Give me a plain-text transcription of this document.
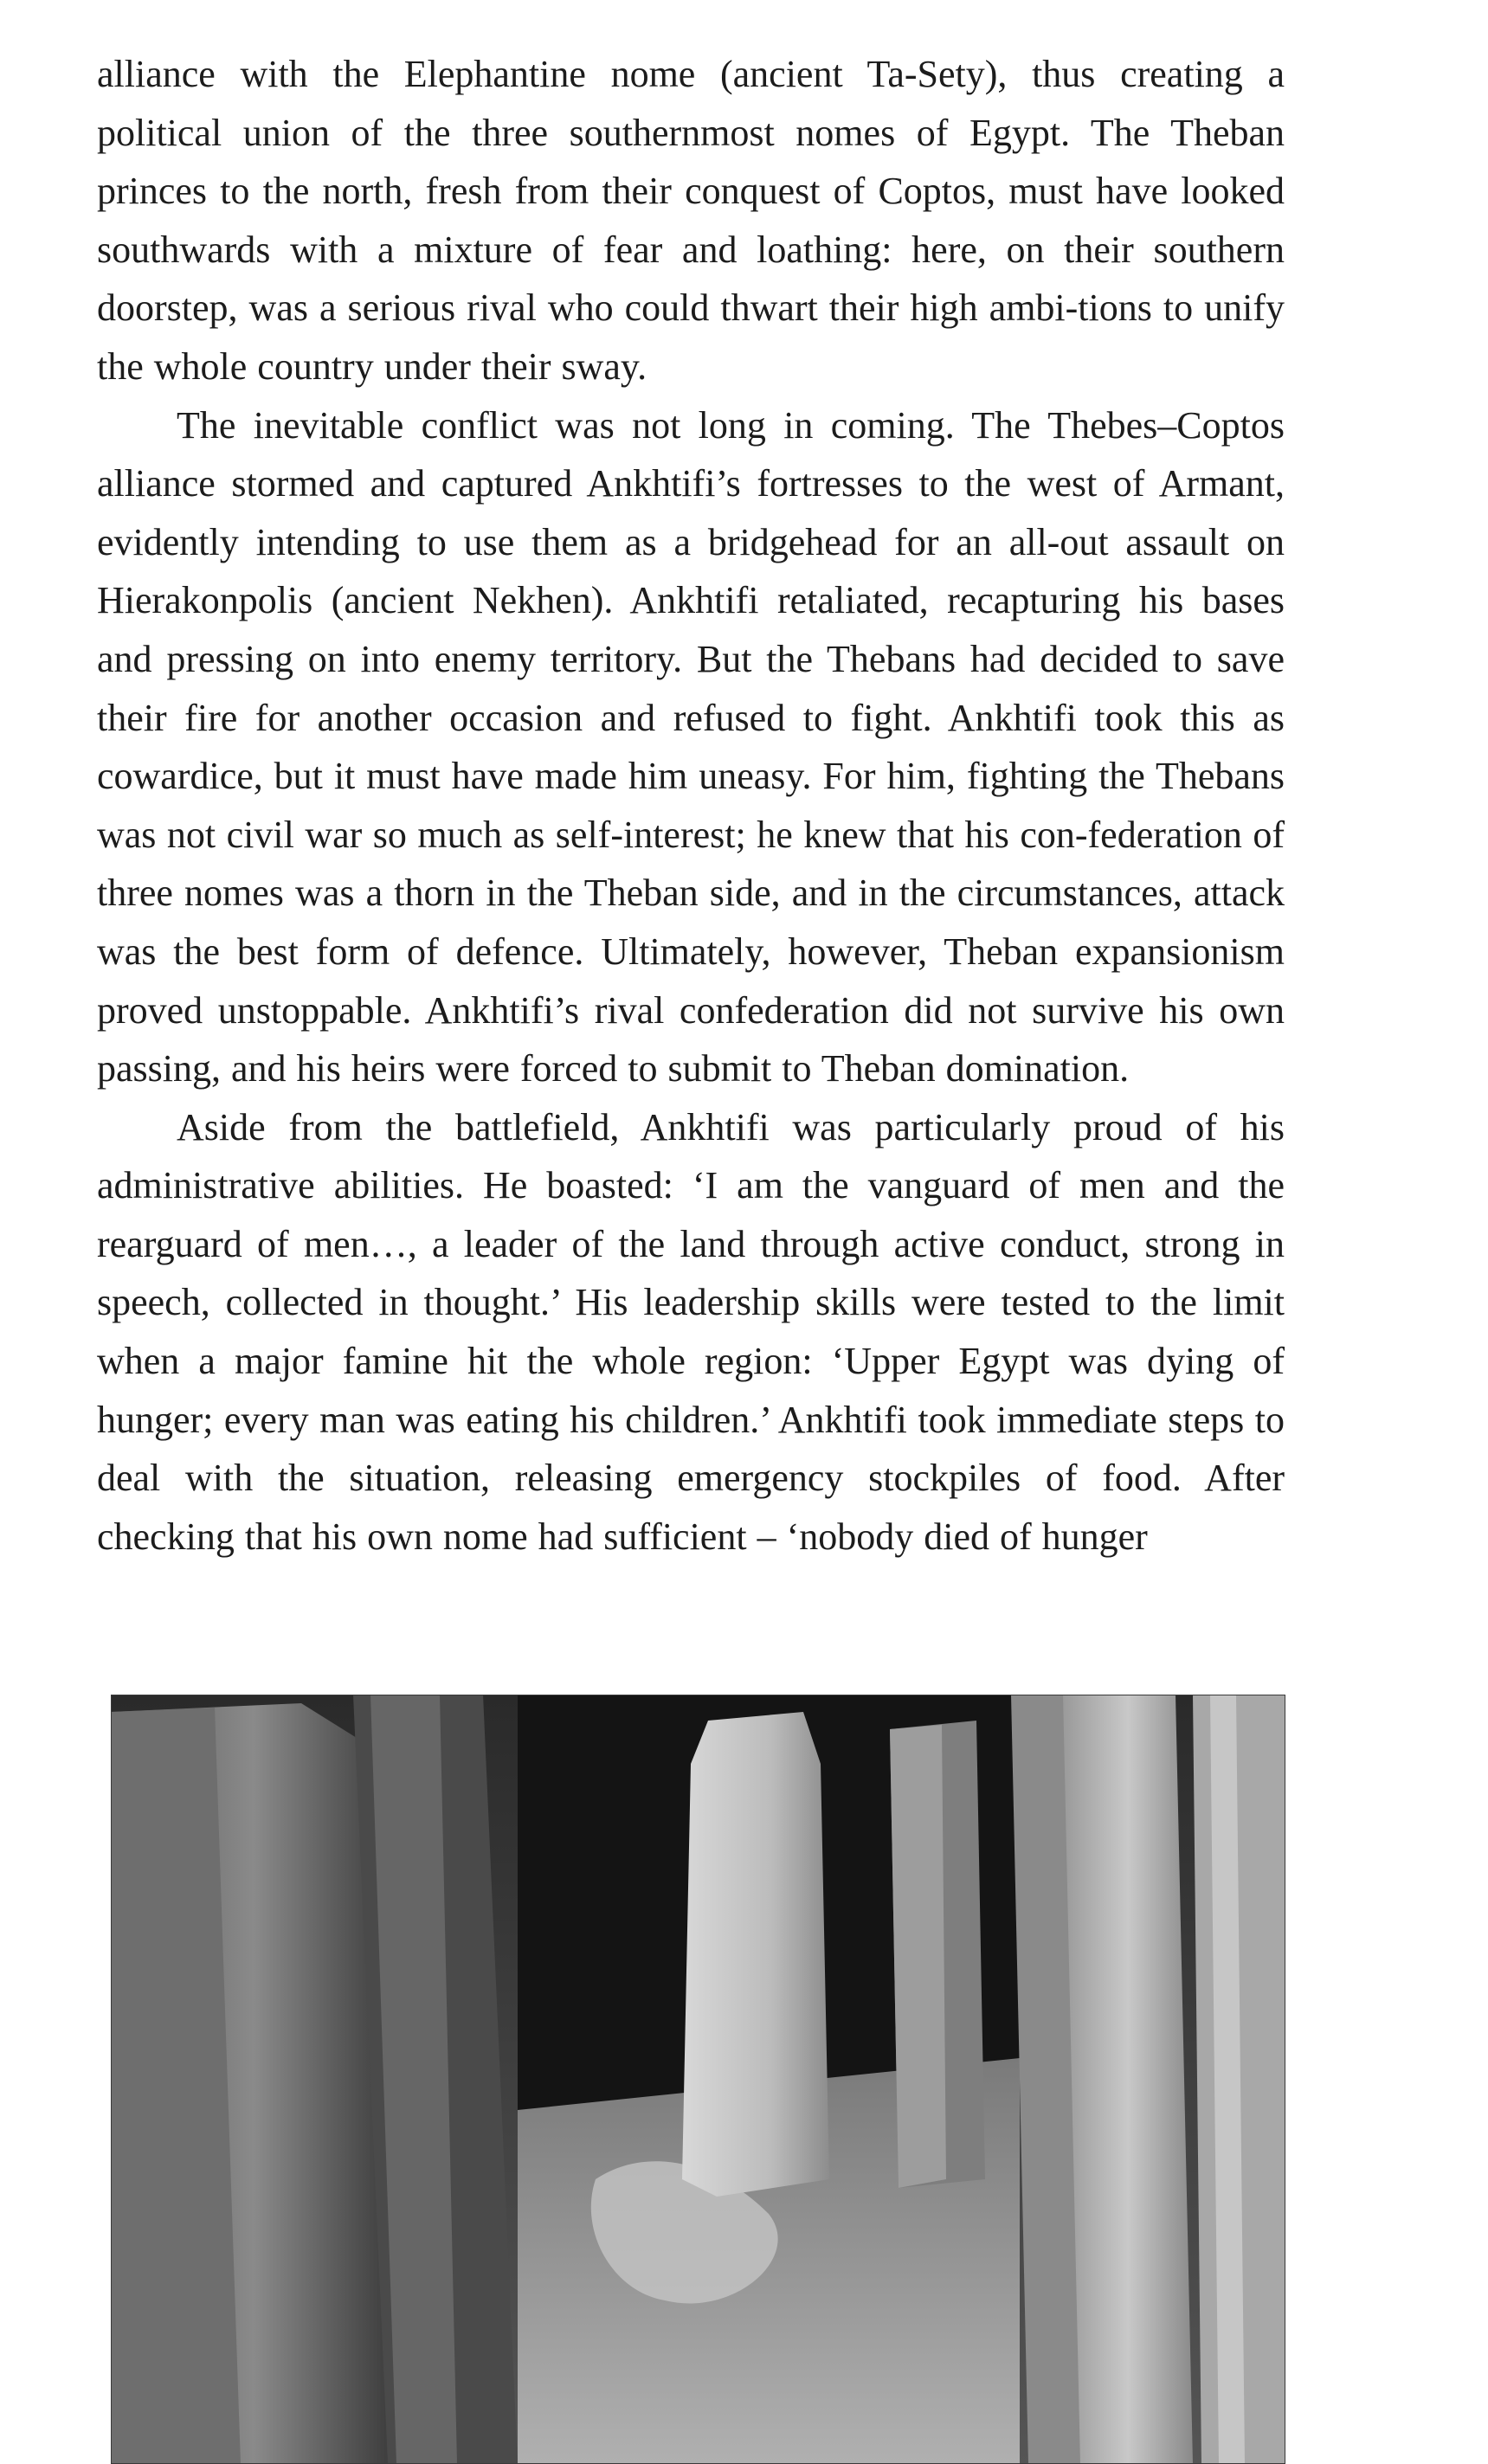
alliance with the Elephantine nome (ancient Ta-Sety), thus creating a political union of the three southernmost nomes of Egypt. The Theban princes to the north, fresh from their conquest of Coptos, must have looked southwards with a mixture of fear and loathing: here, on their southern doorstep, was a serious rival who could thwart their high ambi-tions to unify the whole country under their sway.

The inevitable conflict was not long in coming. The Thebes–Coptos alliance stormed and captured Ankhtifi’s fortresses to the west of Armant, evidently intending to use them as a bridgehead for an all-out assault on Hierakonpolis (ancient Nekhen). Ankhtifi retaliated, recapturing his bases and pressing on into enemy territory. But the Thebans had decided to save their fire for another occasion and refused to fight. Ankhtifi took this as cowardice, but it must have made him uneasy. For him, fighting the Thebans was not civil war so much as self-interest; he knew that his con-federation of three nomes was a thorn in the Theban side, and in the circumstances, attack was the best form of defence. Ultimately, however, Theban expansionism proved unstoppable. Ankhtifi’s rival confederation did not survive his own passing, and his heirs were forced to submit to Theban domination.

Aside from the battlefield, Ankhtifi was particularly proud of his administrative abilities. He boasted: ‘I am the vanguard of men and the rearguard of men…, a leader of the land through active conduct, strong in speech, collected in thought.’ His leadership skills were tested to the limit when a major famine hit the whole region: ‘Upper Egypt was dying of hunger; every man was eating his children.’ Ankhtifi took immediate steps to deal with the situation, releasing emergency stockpiles of food. After checking that his own nome had sufficient – ‘nobody died of hunger
